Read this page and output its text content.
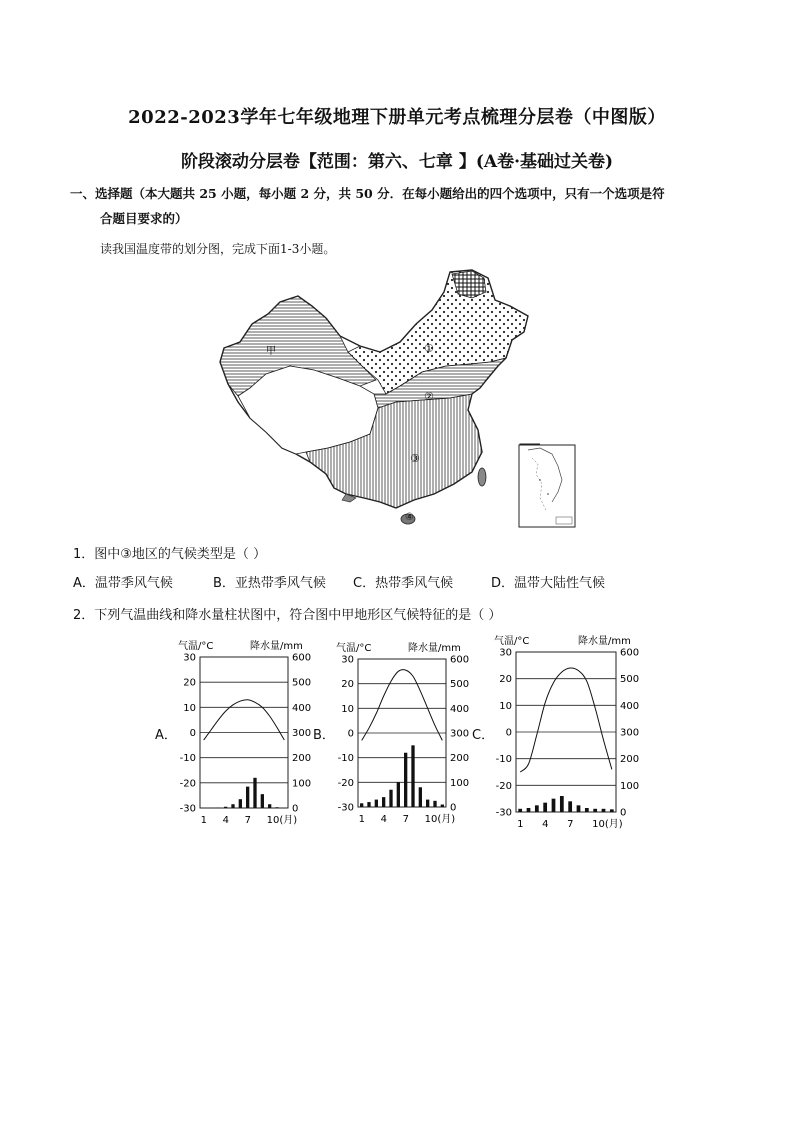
2022-2023学年七年级地理下册单元考点梳理分层卷（中图版）
阶段滚动分层卷【范围：第六、七章 】(A卷·基础过关卷)
一、选择题（本大题共 25 小题，每小题 2 分，共 50 分．在每小题给出的四个选项中，只有一个选项是符
合题目要求的）
读我国温度带的划分图，完成下面1-3小题。
甲	①
②
③
④
1．图中③地区的气候类型是（ ）
A．温带季风气候	B．亚热带季风气候 C．热带季风气候	D．温带大陆性气候
2．下列气温曲线和降水量柱状图中，符合图中甲地形区气候特征的是（ ）
A．	B．	C．
气温/°C	降水量/mm
30
20
10
0
-10
-20
-30
600
500
400
300
200
100
0
1 4 7 10(月)
气温/°C	降水量/mm
30
20
10
0
-10
-20
-30
600
500
400
300
200
100
0
1 4 7 10(月)
气温/°C	降水量/mm
30
20
10
0
-10
-20
-30
600
500
400
300
200
100
0
1 4 7 10(月)
